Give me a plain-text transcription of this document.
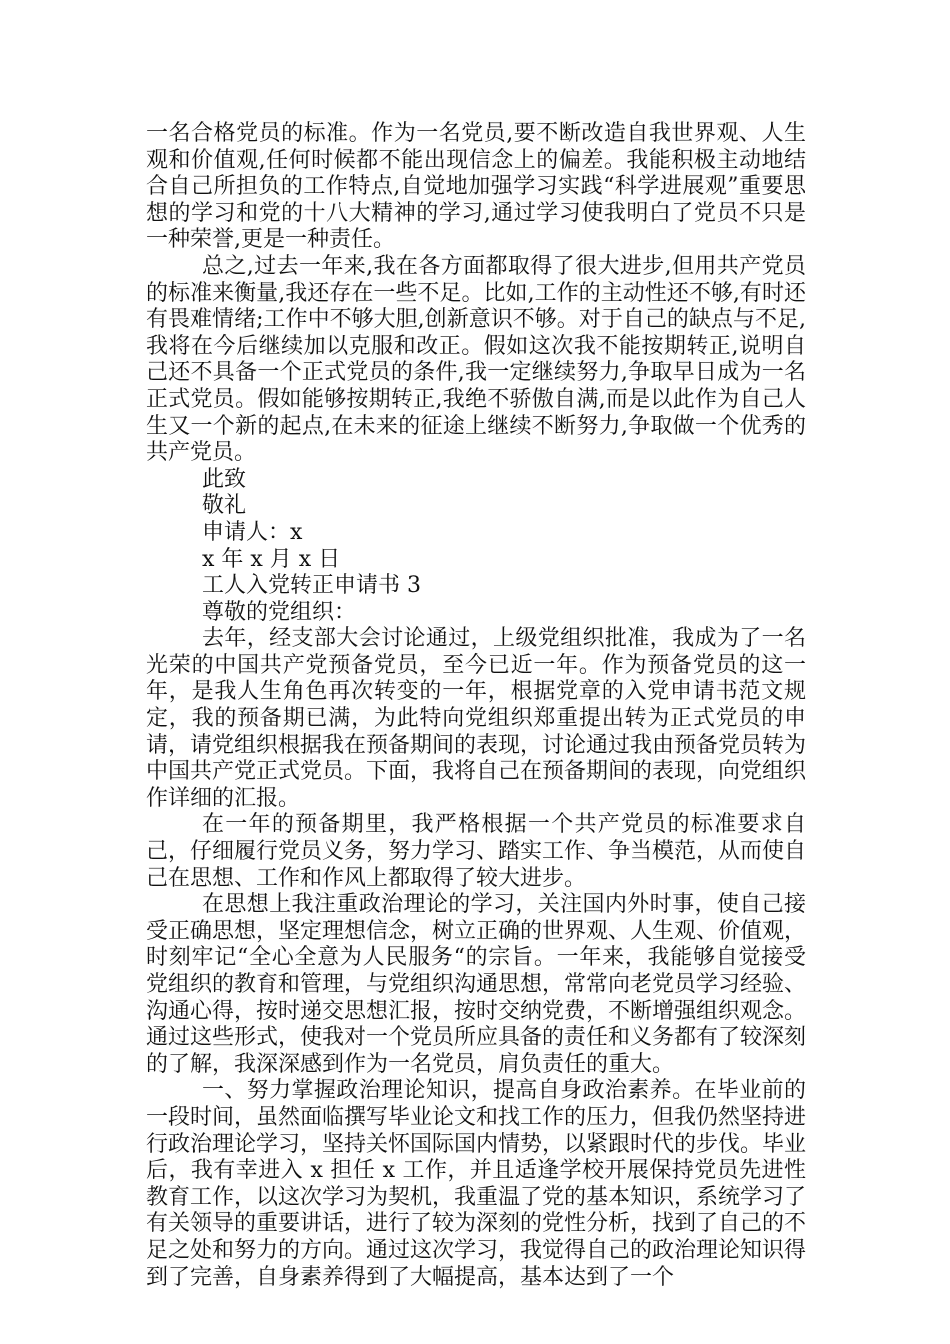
一名合格党员的标准。作为一名党员,要不断改造自我世界观、人生观和价值观,任何时候都不能出现信念上的偏差。我能积极主动地结合自己所担负的工作特点,自觉地加强学习实践“科学进展观”重要思想的学习和党的十八大精神的学习,通过学习使我明白了党员不只是一种荣誉,更是一种责任。

总之,过去一年来,我在各方面都取得了很大进步,但用共产党员的标准来衡量,我还存在一些不足。比如,工作的主动性还不够,有时还有畏难情绪;工作中不够大胆,创新意识不够。对于自己的缺点与不足,我将在今后继续加以克服和改正。假如这次我不能按期转正,说明自己还不具备一个正式党员的条件,我一定继续努力,争取早日成为一名正式党员。假如能够按期转正,我绝不骄傲自满,而是以此作为自己人生又一个新的起点,在未来的征途上继续不断努力,争取做一个优秀的共产党员。

此致

敬礼

申请人：x

x 年 x 月 x 日

工人入党转正申请书 3

尊敬的党组织：

去年，经支部大会讨论通过，上级党组织批准，我成为了一名光荣的中国共产党预备党员，至今已近一年。作为预备党员的这一年，是我人生角色再次转变的一年，根据党章的入党申请书范文规定，我的预备期已满，为此特向党组织郑重提出转为正式党员的申请，请党组织根据我在预备期间的表现，讨论通过我由预备党员转为中国共产党正式党员。下面，我将自己在预备期间的表现，向党组织作详细的汇报。

在一年的预备期里，我严格根据一个共产党员的标准要求自己，仔细履行党员义务，努力学习、踏实工作、争当模范，从而使自己在思想、工作和作风上都取得了较大进步。

在思想上我注重政治理论的学习，关注国内外时事，使自己接受正确思想，坚定理想信念，树立正确的世界观、人生观、价值观，时刻牢记“全心全意为人民服务“的宗旨。一年来，我能够自觉接受党组织的教育和管理，与党组织沟通思想，常常向老党员学习经验、沟通心得，按时递交思想汇报，按时交纳党费，不断增强组织观念。通过这些形式，使我对一个党员所应具备的责任和义务都有了较深刻的了解，我深深感到作为一名党员，肩负责任的重大。

一、努力掌握政治理论知识，提高自身政治素养。在毕业前的一段时间，虽然面临撰写毕业论文和找工作的压力，但我仍然坚持进行政治理论学习，坚持关怀国际国内情势，以紧跟时代的步伐。毕业后，我有幸进入 x 担任 x 工作，并且适逢学校开展保持党员先进性教育工作，以这次学习为契机，我重温了党的基本知识，系统学习了有关领导的重要讲话，进行了较为深刻的党性分析，找到了自己的不足之处和努力的方向。通过这次学习，我觉得自己的政治理论知识得到了完善，自身素养得到了大幅提高，基本达到了一个
